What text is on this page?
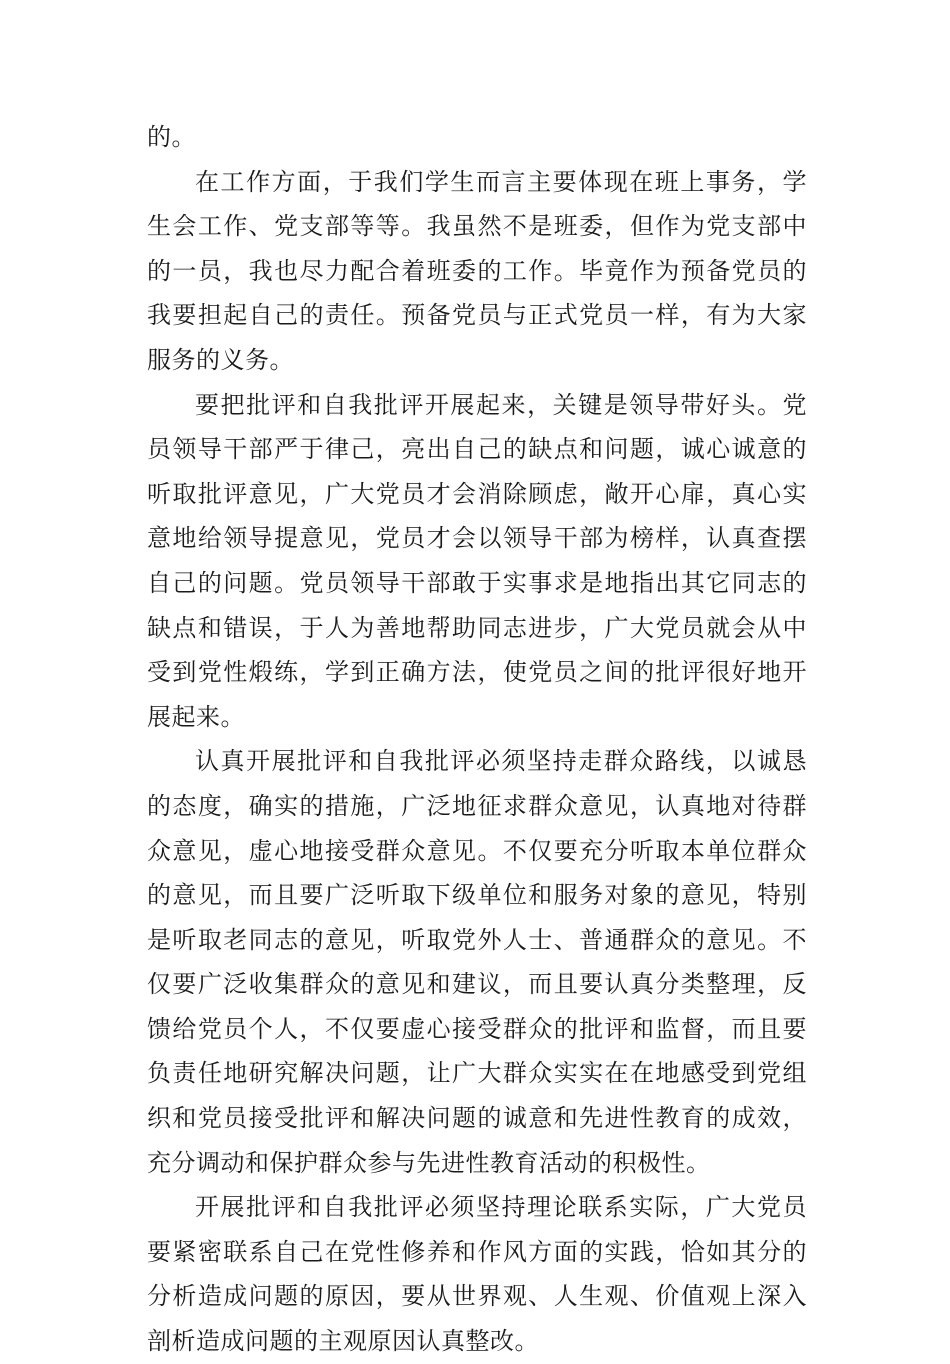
的。

在工作方面，于我们学生而言主要体现在班上事务，学生会工作、党支部等等。我虽然不是班委，但作为党支部中的一员，我也尽力配合着班委的工作。毕竟作为预备党员的我要担起自己的责任。预备党员与正式党员一样，有为大家服务的义务。

要把批评和自我批评开展起来，关键是领导带好头。党员领导干部严于律己，亮出自己的缺点和问题，诚心诚意的听取批评意见，广大党员才会消除顾虑，敞开心扉，真心实意地给领导提意见，党员才会以领导干部为榜样，认真查摆自己的问题。党员领导干部敢于实事求是地指出其它同志的缺点和错误，于人为善地帮助同志进步，广大党员就会从中受到党性煅练，学到正确方法，使党员之间的批评很好地开展起来。

认真开展批评和自我批评必须坚持走群众路线，以诚恳的态度，确实的措施，广泛地征求群众意见，认真地对待群众意见，虚心地接受群众意见。不仅要充分听取本单位群众的意见，而且要广泛听取下级单位和服务对象的意见，特别是听取老同志的意见，听取党外人士、普通群众的意见。不仅要广泛收集群众的意见和建议，而且要认真分类整理，反馈给党员个人，不仅要虚心接受群众的批评和监督，而且要负责任地研究解决问题，让广大群众实实在在地感受到党组织和党员接受批评和解决问题的诚意和先进性教育的成效，充分调动和保护群众参与先进性教育活动的积极性。

开展批评和自我批评必须坚持理论联系实际，广大党员要紧密联系自己在党性修养和作风方面的实践，恰如其分的分析造成问题的原因，要从世界观、人生观、价值观上深入剖析造成问题的主观原因认真整改。
